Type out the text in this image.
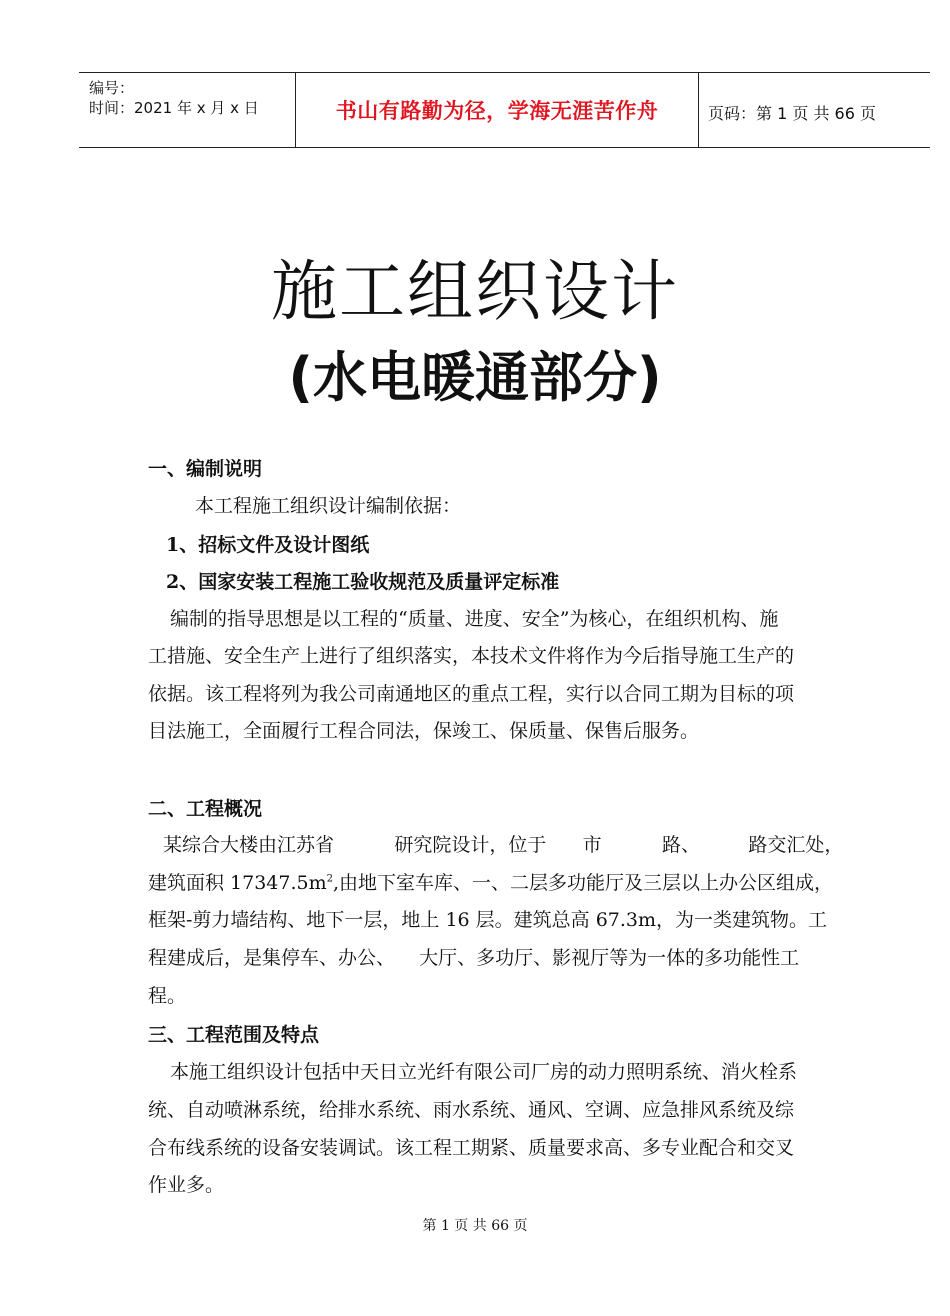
编号：
时间：2021 年 x 月 x 日	书山有路勤为径，学海无涯苦作舟	页码：第 1 页 共 66 页
施工组织设计
(水电暖通部分)
一、编制说明
本工程施工组织设计编制依据：
1、招标文件及设计图纸
2、国家安装工程施工验收规范及质量评定标准
编制的指导思想是以工程的“质量、进度、安全”为核心，在组织机构、施
工措施、安全生产上进行了组织落实，本技术文件将作为今后指导施工生产的
依据。该工程将列为我公司南通地区的重点工程，实行以合同工期为目标的项
目法施工，全面履行工程合同法，保竣工、保质量、保售后服务。
二、工程概况
某综合大楼由江苏省          研究院设计，位于      市          路、        路交汇处，
建筑面积 $17347.5m^2$,由地下室车库、一、二层多功能厅及三层以上办公区组成，
框架-剪力墙结构、地下一层，地上 16 层。建筑总高 67.3m，为一类建筑物。工
程建成后，是集停车、办公、    大厅、多功厅、影视厅等为一体的多功能性工
程。
三、工程范围及特点
本施工组织设计包括中天日立光纤有限公司厂房的动力照明系统、消火栓系
统、自动喷淋系统，给排水系统、雨水系统、通风、空调、应急排风系统及综
合布线系统的设备安装调试。该工程工期紧、质量要求高、多专业配合和交叉
作业多。
第 1 页 共 66 页
